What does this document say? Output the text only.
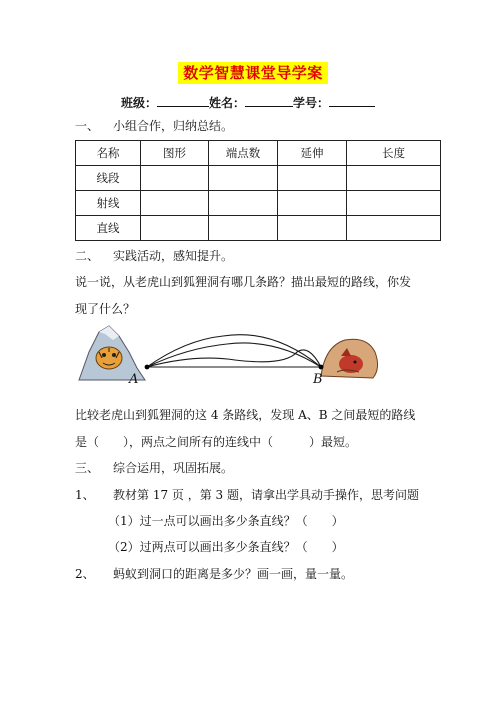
数学智慧课堂导学案
班级：	姓名：	学号：
一、 小组合作，归纳总结。
名称	图形	端点数	延伸	长度
线段				
射线				
直线				
二、 实践活动，感知提升。
说一说，从老虎山到狐狸洞有哪几条路？描出最短的路线，你发
现了什么？
A	B
比较老虎山到狐狸洞的这 4 条路线，发现 A、B 之间最短的路线
是（　　），两点之间所有的连线中（　　　）最短。
三、 综合运用，巩固拓展。
1、 教材第 17 页 ，第 3 题，请拿出学具动手操作，思考问题
（1）过一点可以画出多少条直线？（　　）
（2）过两点可以画出多少条直线？（　　）
2、 蚂蚁到洞口的距离是多少？画一画，量一量。
